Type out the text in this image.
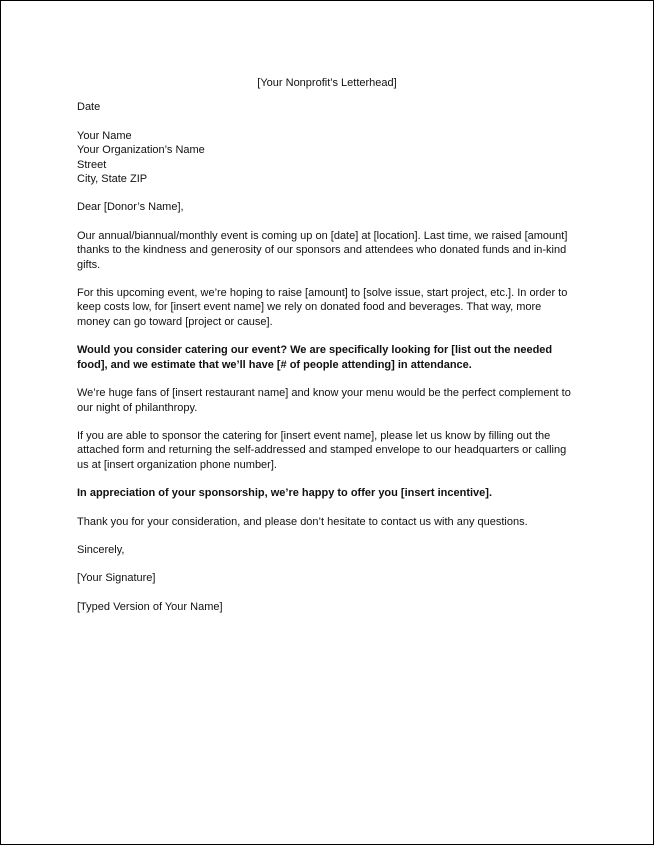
[Your Nonprofit’s Letterhead]

Date

Your Name
Your Organization’s Name
Street
City, State ZIP

Dear [Donor’s Name],

Our annual/biannual/monthly event is coming up on [date] at [location]. Last time, we raised [amount] thanks to the kindness and generosity of our sponsors and attendees who donated funds and in-kind gifts.

For this upcoming event, we’re hoping to raise [amount] to [solve issue, start project, etc.]. In order to keep costs low, for [insert event name] we rely on donated food and beverages. That way, more money can go toward [project or cause].

Would you consider catering our event? We are specifically looking for [list out the needed food], and we estimate that we’ll have [# of people attending] in attendance.

We’re huge fans of [insert restaurant name] and know your menu would be the perfect complement to our night of philanthropy.

If you are able to sponsor the catering for [insert event name], please let us know by filling out the attached form and returning the self-addressed and stamped envelope to our headquarters or calling us at [insert organization phone number].

In appreciation of your sponsorship, we’re happy to offer you [insert incentive].

Thank you for your consideration, and please don’t hesitate to contact us with any questions.

Sincerely,

[Your Signature]

[Typed Version of Your Name]
